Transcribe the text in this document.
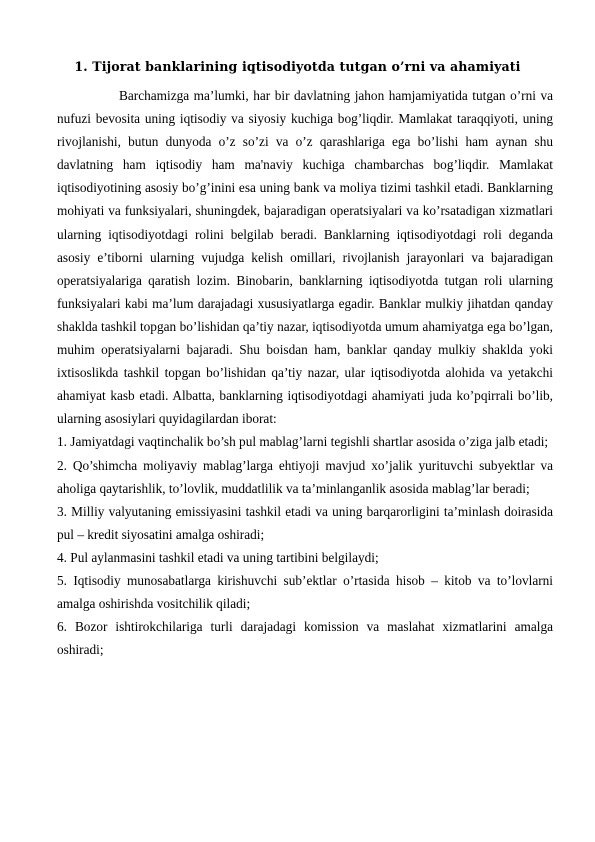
1. Tijorat banklarining iqtisodiyotda tutgan o’rni va ahamiyati

Barchamizga ma’lumki, har bir davlatning jahon hamjamiyatida tutgan o’rni va nufuzi bevosita uning iqtisodiy va siyosiy kuchiga bog’liqdir. Mamlakat taraqqiyoti, uning rivojlanishi, butun dunyoda o’z so’zi va o’z qarashlariga ega bo’lishi ham aynan shu davlatning ham iqtisodiy ham ma'naviy kuchiga chambarchas bog’liqdir. Mamlakat iqtisodiyotining asosiy bo’g’inini esa uning bank va moliya tizimi tashkil etadi. Banklarning mohiyati va funksiyalari, shuningdek, bajaradigan operatsiyalari va ko’rsatadigan xizmatlari ularning iqtisodiyotdagi rolini belgilab beradi. Banklarning iqtisodiyotdagi roli deganda asosiy e’tiborni ularning vujudga kelish omillari, rivojlanish jarayonlari va bajaradigan operatsiyalariga qaratish lozim. Binobarin, banklarning iqtisodiyotda tutgan roli ularning funksiyalari kabi ma’lum darajadagi xususiyatlarga egadir. Banklar mulkiy jihatdan qanday shaklda tashkil topgan bo’lishidan qa’tiy nazar, iqtisodiyotda umum ahamiyatga ega bo’lgan, muhim operatsiyalarni bajaradi. Shu boisdan ham, banklar qanday mulkiy shaklda yoki ixtisoslikda tashkil topgan bo’lishidan qa’tiy nazar, ular iqtisodiyotda alohida va yetakchi ahamiyat kasb etadi. Albatta, banklarning iqtisodiyotdagi ahamiyati juda ko’pqirrali bo’lib, ularning asosiylari quyidagilardan iborat:

1. Jamiyatdagi vaqtinchalik bo’sh pul mablag’larni tegishli shartlar asosida o’ziga jalb etadi;

2. Qo’shimcha moliyaviy mablag’larga ehtiyoji mavjud xo’jalik yurituvchi subyektlar va aholiga qaytarishlik, to’lovlik, muddatlilik va ta’minlanganlik asosida mablag’lar beradi;

3. Milliy valyutaning emissiyasini tashkil etadi va uning barqarorligini ta’minlash doirasida pul – kredit siyosatini amalga oshiradi;

4. Pul aylanmasini tashkil etadi va uning tartibini belgilaydi;

5. Iqtisodiy munosabatlarga kirishuvchi sub’ektlar o’rtasida hisob – kitob va to’lovlarni amalga oshirishda vositchilik qiladi;

6. Bozor ishtirokchilariga turli darajadagi komission va maslahat xizmatlarini amalga oshiradi;
